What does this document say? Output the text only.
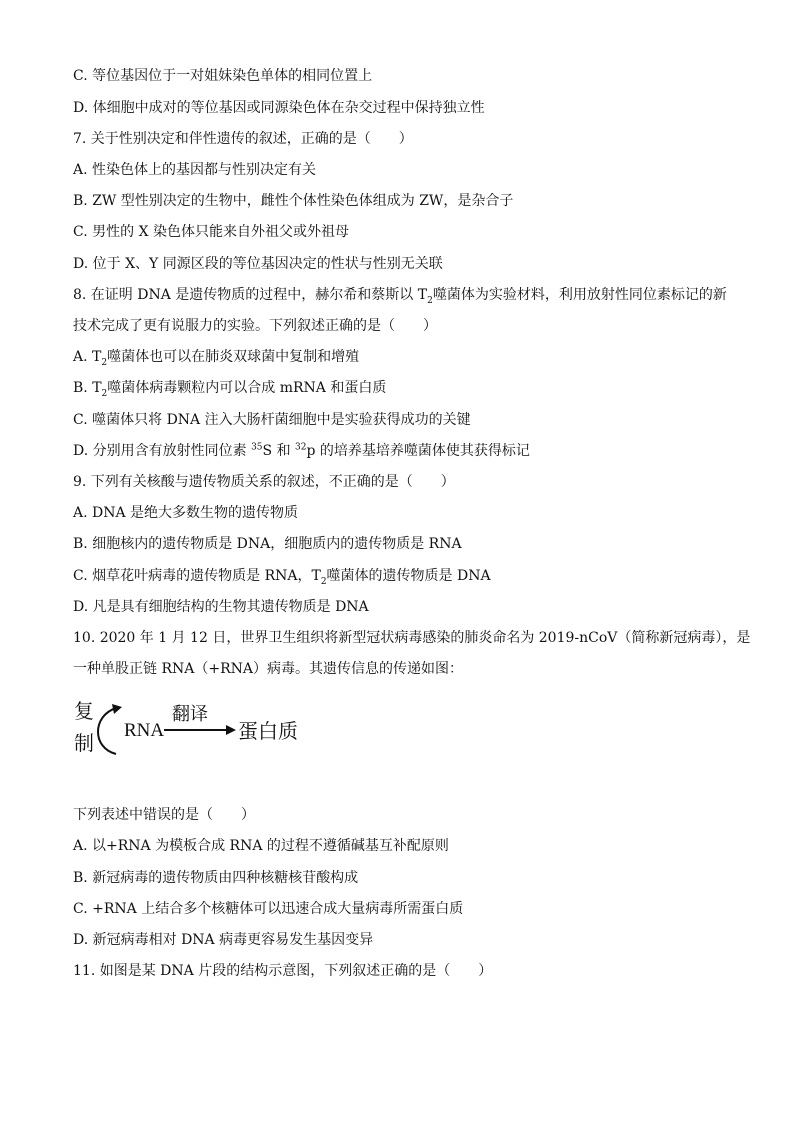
C. 等位基因位于一对姐妹染色单体的相同位置上
D. 体细胞中成对的等位基因或同源染色体在杂交过程中保持独立性
7. 关于性别决定和伴性遗传的叙述，正确的是（　　）
A. 性染色体上的基因都与性别决定有关
B. ZW 型性别决定的生物中，雌性个体性染色体组成为 ZW，是杂合子
C. 男性的 X 染色体只能来自外祖父或外祖母
D. 位于 X、Y 同源区段的等位基因决定的性状与性别无关联
8. 在证明 DNA 是遗传物质的过程中，赫尔希和蔡斯以 $T_2$噬菌体为实验材料，利用放射性同位素标记的新
技术完成了更有说服力的实验。下列叙述正确的是（　　）
A. $T_2$噬菌体也可以在肺炎双球菌中复制和增殖
B. $T_2$噬菌体病毒颗粒内可以合成 mRNA 和蛋白质
C. 噬菌体只将 DNA 注入大肠杆菌细胞中是实验获得成功的关键
D. 分别用含有放射性同位素 $^{35}$S 和 $^{32}$p 的培养基培养噬菌体使其获得标记
9. 下列有关核酸与遗传物质关系的叙述，不正确的是（　　）
A. DNA 是绝大多数生物的遗传物质
B. 细胞核内的遗传物质是 DNA，细胞质内的遗传物质是 RNA
C. 烟草花叶病毒的遗传物质是 RNA，$T_2$噬菌体的遗传物质是 DNA
D. 凡是具有细胞结构的生物其遗传物质是 DNA
10. 2020 年 1 月 12 日，世界卫生组织将新型冠状病毒感染的肺炎命名为 2019-nCoV（简称新冠病毒），是
一种单股正链 RNA（+RNA）病毒。其遗传信息的传递如图：
复
制
RNA
翻译
蛋白质
下列表述中错误的是（　　）
A. 以+RNA 为模板合成 RNA 的过程不遵循碱基互补配原则
B. 新冠病毒的遗传物质由四种核糖核苷酸构成
C. +RNA 上结合多个核糖体可以迅速合成大量病毒所需蛋白质
D. 新冠病毒相对 DNA 病毒更容易发生基因变异
11. 如图是某 DNA 片段的结构示意图，下列叙述正确的是（　　）
